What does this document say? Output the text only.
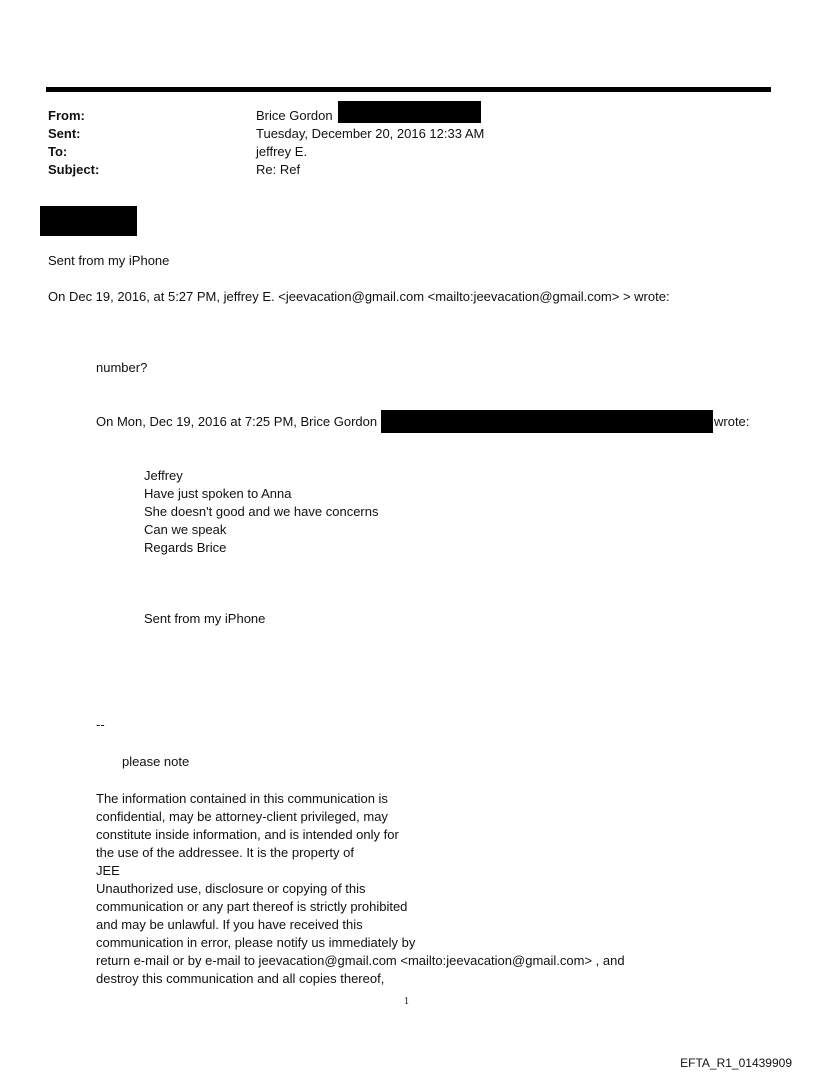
From:	Brice Gordon
Sent:	Tuesday, December 20, 2016 12:33 AM
To:	jeffrey E.
Subject:	Re: Ref
Sent from my iPhone
On Dec 19, 2016, at 5:27 PM, jeffrey E. <jeevacation@gmail.com <mailto:jeevacation@gmail.com> > wrote:
number?
On Mon, Dec 19, 2016 at 7:25 PM, Brice Gordon	wrote:
Jeffrey
Have just spoken to Anna
She doesn't good and we have concerns
Can we speak
Regards Brice
Sent from my iPhone
--
please note
The information contained in this communication is
confidential, may be attorney-client privileged, may
constitute inside information, and is intended only for
the use of the addressee. It is the property of
JEE
Unauthorized use, disclosure or copying of this
communication or any part thereof is strictly prohibited
and may be unlawful. If you have received this
communication in error, please notify us immediately by
return e-mail or by e-mail to jeevacation@gmail.com <mailto:jeevacation@gmail.com> , and
destroy this communication and all copies thereof,
1
EFTA_R1_01439909
